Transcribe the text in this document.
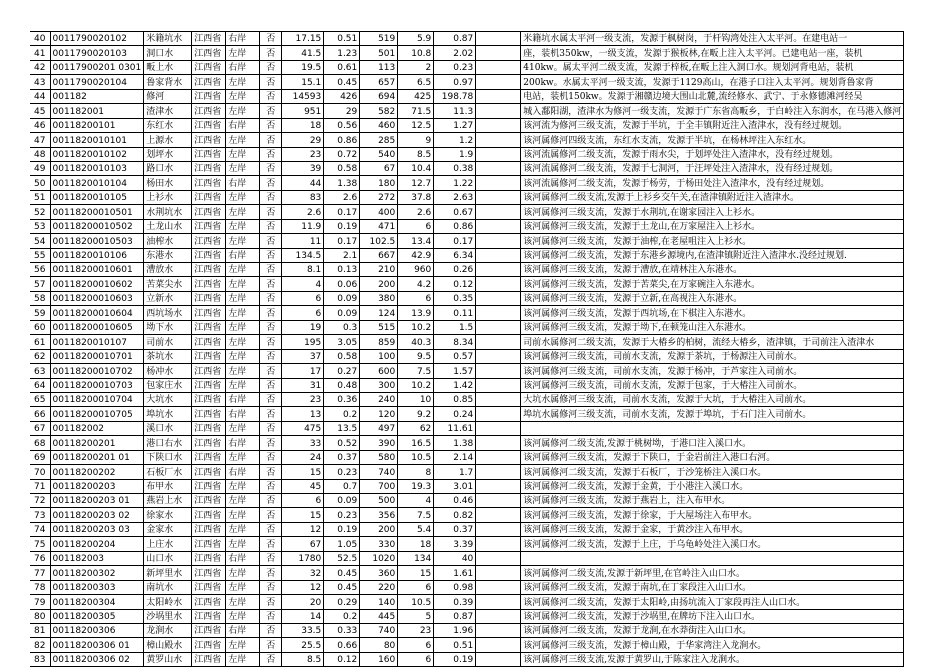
40	0011790020102	米籍坑水	江西省	右岸	否	17.15	0.51	519	5.9	0.87		米籍坑水属太平河一级支流，发源于枫树岗，于杆钩湾处注入太平河。在建电站一
41	0011790020103	洞口水	江西省	左岸	否	41.5	1.23	501	10.8	2.02		座，装机350kw，一级支流，发源于猴板林,在畈上注入太平河。已建电站一座，装机
42	00117900201 0301	畈上水	江西省	右岸	否	19.5	0.61	113	2	0.23		410kw。属太平河二级支流，发源于梓板,在畈上注入洞口水。规划河背电站，装机
43	0011790020104	鲁家背水	江西省	左岸	否	15.1	0.45	657	6.5	0.97		200kw。水属太平河一级支流，发源于1129高山，在港子口注入太平河。规划背鲁家背
44	001182	修河	江西省	左岸	否	14593	426	694	425	198.78		电站，装机150kw。发源于湘赣边境大围山北麓,流经修水、武宁、于永修德滩河经吴
45	001182001	渣津水	江西省	左岸	否	951	29	582	71.5	11.3		城入鄱阳湖，渣津水为修河一级支流，发源于广东省高畈乡，于白岭注入东润水，在马港入修河
46	00118200101	东红水	江西省	右岸	否	18	0.56	460	12.5	1.27		该河流为修河三级支流，发源于半坑，于全丰镇附近注入渣津水，没有经过规划。
47	0011820010101	上源水	江西省	左岸	否	29	0.86	285	9	1.2		该河属修河四级支流，东红水支流，发源于半坑，在杨林坪注入东红水。
48	0011820010102	划坪水	江西省	左岸	否	23	0.72	540	8.5	1.9		该河流属修河二级支流，发源于雨水尖，于划坪处注入渣津水，没有经过规划。
49	0011820010103	路口水	江西省	左岸	否	39	0.58	67	10.4	0.38		该河流属修河二级支流，发源于七洞河，于汪坪处注入渣津水，没有经过规划。
50	0011820010104	杨田水	江西省	右岸	否	44	1.38	180	12.7	1.22		该河流属修河二级支流，发源于杨劳，于杨田处注入渣津水，没有经过规划。
51	0011820010105	上衫水	江西省	左岸	否	83	2.6	272	37.8	2.63		该河属修河二级支流,发源于上衫乡交午关,在渣津镇附近注入渣津水。
52	00118200010501	水荆坑水	江西省	左岸	否	2.6	0.17	400	2.6	0.67		该河属修河三级支流，发源于水荆坑,在谢家园注入上衫水。
53	00118200010502	土龙山水	江西省	左岸	否	11.9	0.19	471	6	0.86		该河属修河三级支流，发源于土龙山,在万家屋注入上衫水。
54	00118200010503	油榨水	江西省	左岸	否	11	0.17	102.5	13.4	0.17		该河属修河三级支流，发源于油榨,在老屋咀注入上衫水。
55	0011820010106	东港水	江西省	右岸	否	134.5	2.1	667	42.9	6.34		该河属修河二级支流，发源于东港乡源境内,在渣津镇附近注入渣津水.没经过规划.
56	00118200010601	漕放水	江西省	左岸	否	8.1	0.13	210	960	0.26		该河属修河三级支流，发源于漕放,在靖林注入东港水。
57	00118200010602	苦菜尖水	江西省	左岸	否	4	0.06	200	4.2	0.12		该河属修河三级支流，发源于苦菜尖,在万家碗注入东港水。
58	00118200010603	立新水	江西省	左岸	否	6	0.09	380	6	0.35		该河属修河三级支流，发源于立新,在高视注入东港水。
59	00118200010604	西坑场水	江西省	左岸	否	6	0.09	124	13.9	0.11		该河属修河三级支流，发源于西坑场,在下棋注入东港水。
60	00118200010605	坳下水	江西省	左岸	否	19	0.3	515	10.2	1.5		该河属修河三级支流，发源于坳下,在顿笼山注入东港水。
61	0011820010107	司前水	江西省	左岸	否	195	3.05	859	40.3	8.34		司前水属修河二级支流，发源于大椿乡的柏树，流经大椿乡，渣津镇，于司前注入渣津水
62	00118200010701	茶坑水	江西省	左岸	否	37	0.58	100	9.5	0.57		该河属修河三级支流，司前水支流，发源于茶坑，于杨源注入司前水。
63	00118200010702	杨冲水	江西省	左岸	否	17	0.27	600	7.5	1.57		该河属修河三级支流，司前水支流，发源于杨冲，于芦家注入司前水。
64	00118200010703	包家庄水	江西省	左岸	否	31	0.48	300	10.2	1.42		该河属修河三级支流，司前水支流，发源于包家，于大椿注入司前水。
65	00118200010704	大坑水	江西省	右岸	否	23	0.36	240	10	0.85		大坑水属修河三级支流，司前水支流，发源于大坑，于大椿注入司前水。
66	00118200010705	埠坑水	江西省	右岸	否	13	0.2	120	9.2	0.24		埠坑水属修河三级支流，司前水支流，发源于埠坑，于石门注入司前水。
67	001182002	溪口水	江西省	左岸	否	475	13.5	497	62	11.61		
68	00118200201	港口右水	江西省	右岸	否	33	0.52	390	16.5	1.38		该河属修河二级支流,发源于桃树坳，于港口注入溪口水。
69	00118200201 01	下陕口水	江西省	左岸	否	24	0.37	580	10.5	2.14		该河属修河三级支流，发源于下陕口，于金岩前注入港口右河。
70	00118200202	石板厂水	江西省	右岸	否	15	0.23	740	8	1.7		该河属修河二级支流，发源于石板厂，于沙笼桥注入溪口水。
71	00118200203	布甲水	江西省	左岸	否	45	0.7	700	19.3	3.01		该河属修河二级支流，发源于金黄，于小港注入溪口水。
72	00118200203 01	燕岩上水	江西省	左岸	否	6	0.09	500	4	0.46		该河属修河三级支流，发源于燕岩上，注入布甲水。
73	00118200203 02	徐家水	江西省	左岸	否	15	0.23	356	7.5	0.82		该河属修河三级支流，发源于徐家，于大屋场注入布甲水。
74	00118200203 03	金家水	江西省	左岸	否	12	0.19	200	5.4	0.37		该河属修河三级支流，发源于金家，于黄沙注入布甲水。
75	00118200204	上庄水	江西省	左岸	否	67	1.05	330	18	3.39		该河属修河二级支流，发源于上庄，于乌龟岭处注入溪口水。
76	001182003	山口水	江西省	右岸	否	1780	52.5	1020	134	40		
77	00118200302	新坪里水	江西省	左岸	否	32	0.45	360	15	1.61		该河属修河二级支流,发源于新坪里,在官岭注入山口水。
78	00118200303	南坑水	江西省	左岸	否	12	0.45	220	6	0.98		该河属修河二级支流，发源于南坑,在丁家段注入山口水。
79	00118200304	太阳岭水	江西省	左岸	否	20	0.29	140	10.5	0.39		该河属修河二级支流，发源于太阳岭,由扬坑流入丁家段再注人山口水。
80	00118200305	沙埚里水	江西省	左岸	否	14	0.2	445	5	0.87		该河属修河二级支流，发源于沙埚里,在牌坊下注入山口水。
81	00118200306	龙涧水	江西省	右岸	否	33.5	0.33	740	23	1.96		该河属修河二级支流，发源于龙涧,在水莽街注入山口水。
82	00118200306 01	樟山殿水	江西省	左岸	否	25.5	0.66	80	6	0.51		该河属修河三级支流，发源于樟山殿，于华家湾注入龙涧水。
83	00118200306 02	黄罗山水	江西省	左岸	否	8.5	0.12	160	6	0.19		该河属修河三级支流,发源于黄罗山,于陈家注入龙涧水。
